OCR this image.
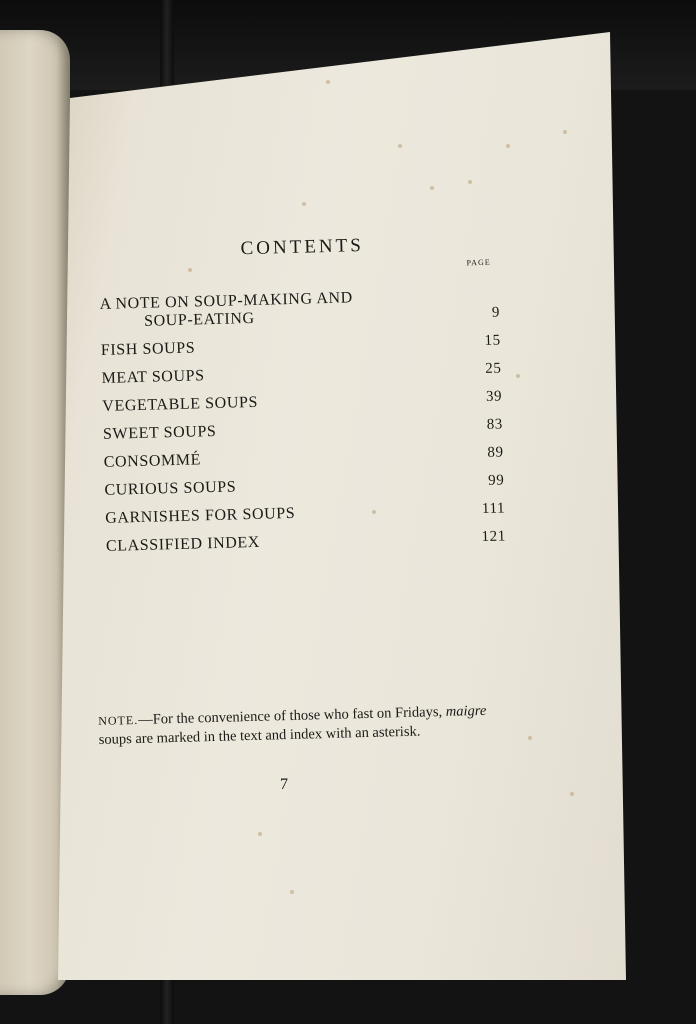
CONTENTS
PAGE
A NOTE ON SOUP-MAKING AND
SOUP-EATING	9
FISH SOUPS	15
MEAT SOUPS	25
VEGETABLE SOUPS	39
SWEET SOUPS	83
CONSOMMÉ	89
CURIOUS SOUPS	99
GARNISHES FOR SOUPS	111
CLASSIFIED INDEX	121
NOTE.—For the convenience of those who fast on Fridays, maigre soups are marked in the text and index with an asterisk.
7
